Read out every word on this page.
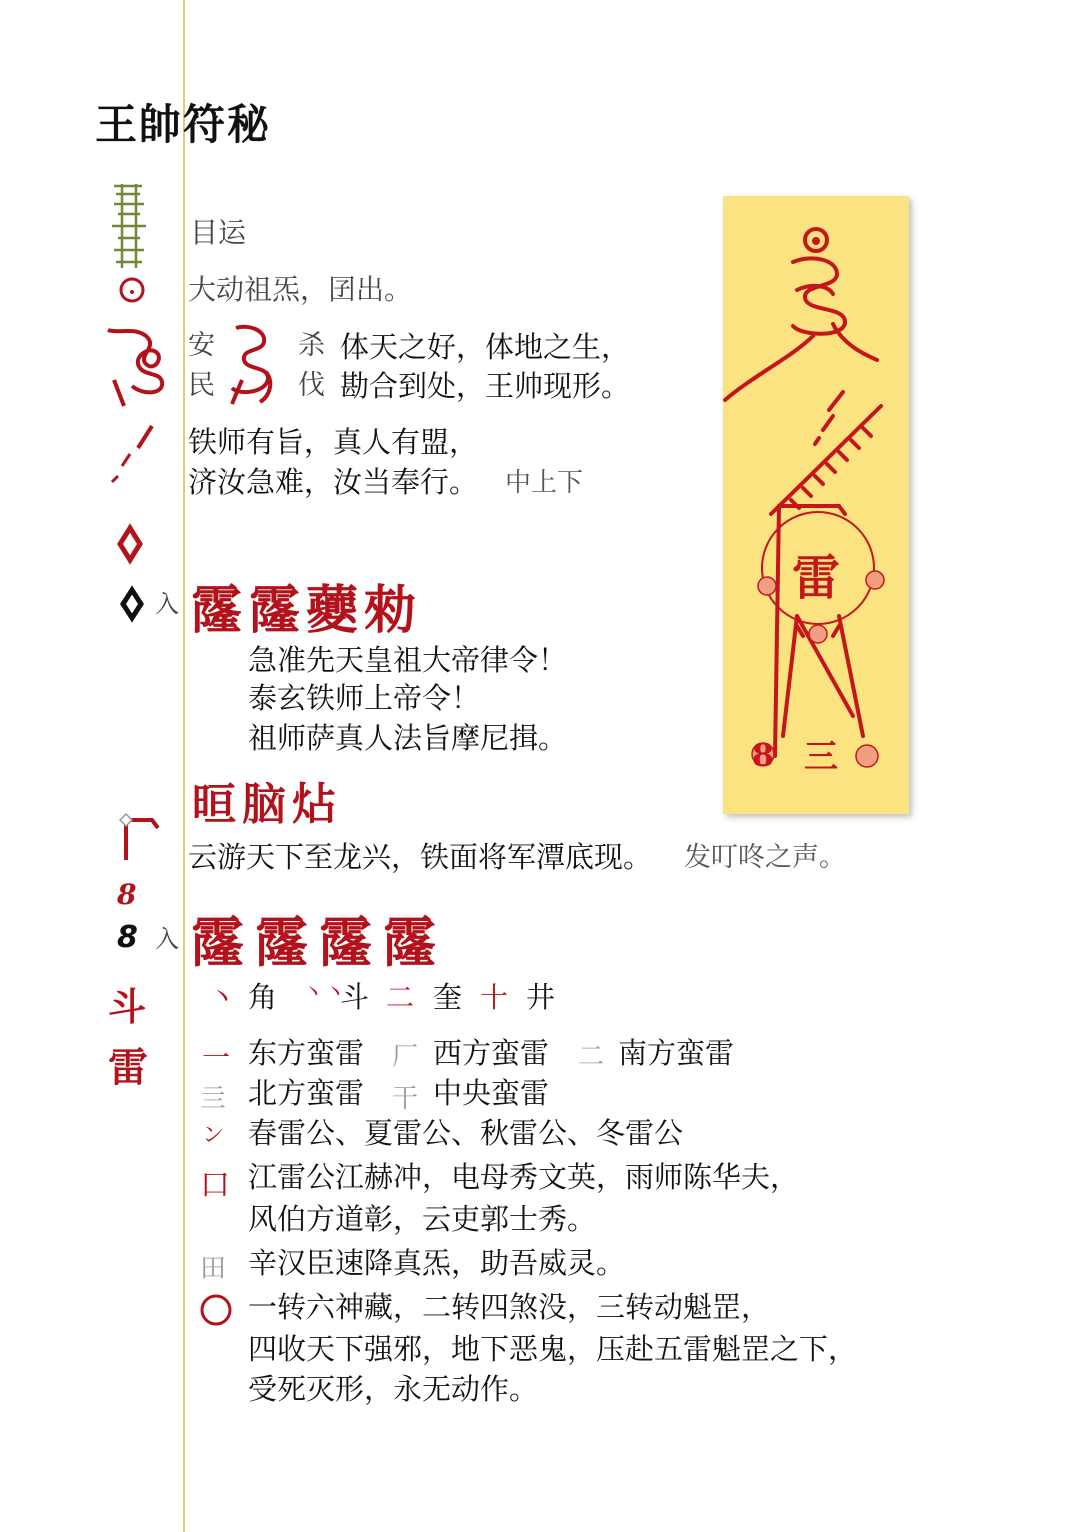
王帥符秘
8
8
斗
雷
目运
大动祖炁，囝出。
安
民
杀
伐
体天之好，体地之生，
勘合到处，王帅现形。
铁师有旨，真人有盟，
济汝急难，汝当奉行。 中上下
入 霳霳虁勑
急准先天皇祖大帝律令！
泰玄铁师上帝令！
祖师萨真人法旨摩尼揖。
晅脑炶
云游天下至龙兴，铁面将军潭底现。 发叮咚之声。
入 霳霳霳霳
丶 角 丶丶
斗 二 奎 十 井
一 东方蛮雷 厂 西方蛮雷 二 南方蛮雷
亖 北方蛮雷 干 中央蛮雷
ン 春雷公、夏雷公、秋雷公、冬雷公
口 江雷公江赫冲，电母秀文英，雨师陈华夫，
风伯方道彰，云吏郭士秀。
田 辛汉臣速降真炁，助吾威灵。
一转六神藏，二转四煞没，三转动魁罡，
四收天下强邪，地下恶鬼，压赴五雷魁罡之下，
受死灭形，永无动作。
雷
8 三
